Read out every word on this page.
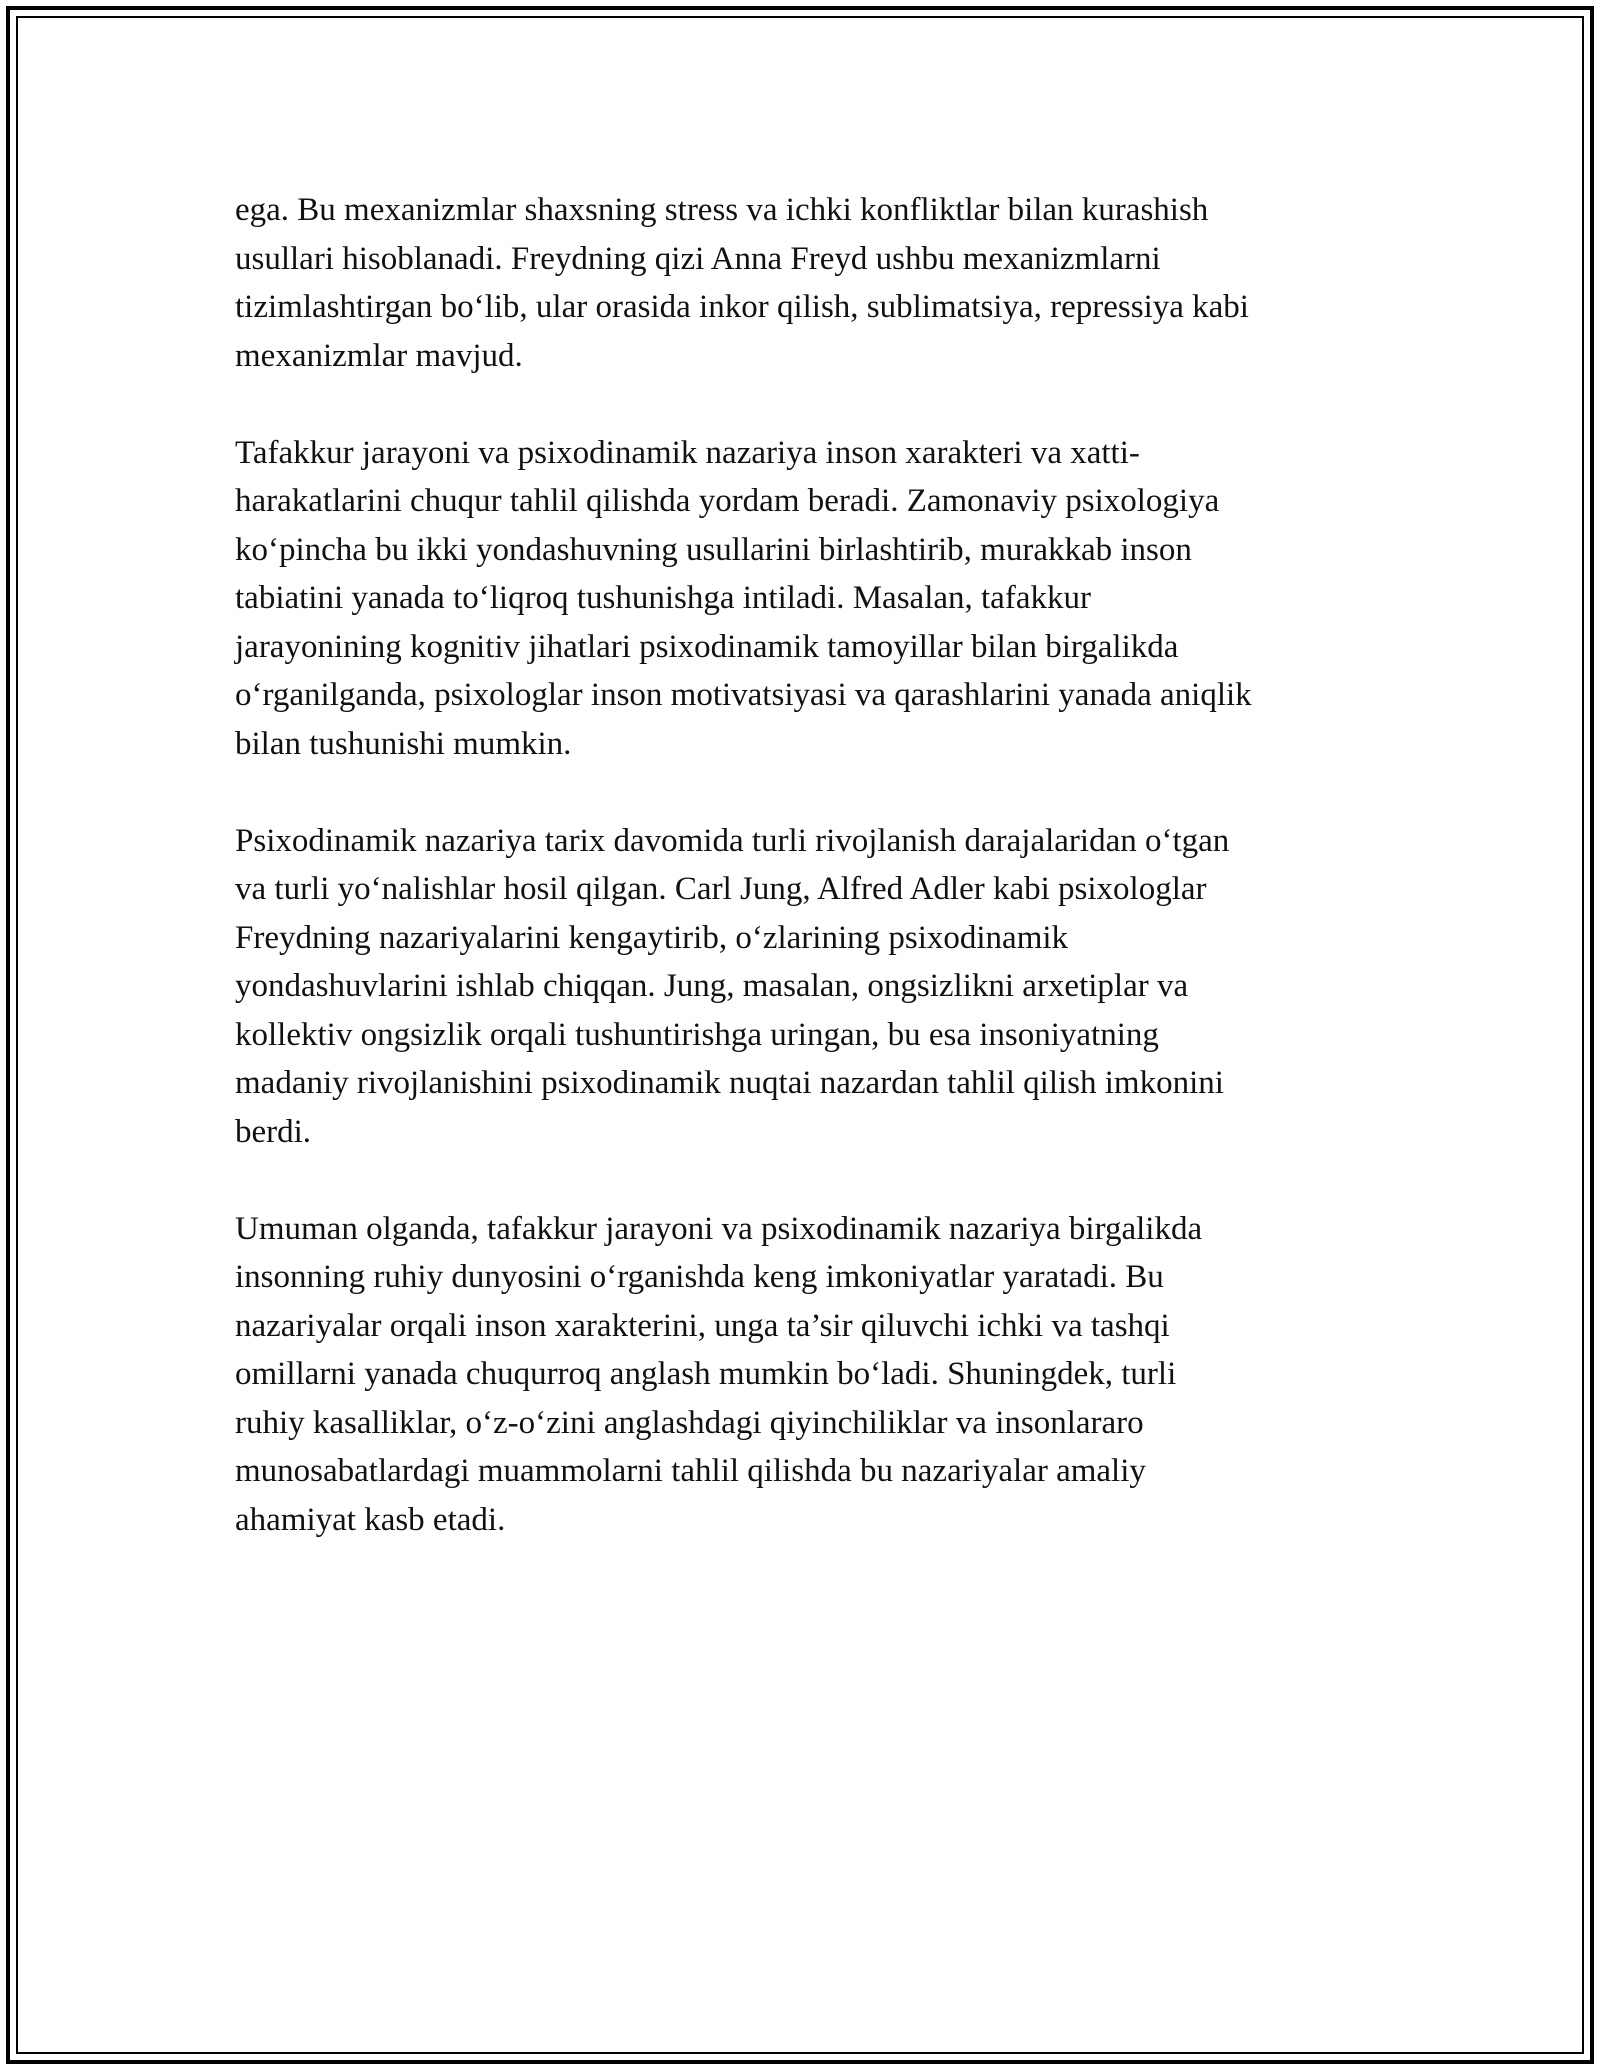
ega. Bu mexanizmlar shaxsning stress va ichki konfliktlar bilan kurashish
usullari hisoblanadi. Freydning qizi Anna Freyd ushbu mexanizmlarni
tizimlashtirgan bo‘lib, ular orasida inkor qilish, sublimatsiya, repressiya kabi
mexanizmlar mavjud.

Tafakkur jarayoni va psixodinamik nazariya inson xarakteri va xatti-
harakatlarini chuqur tahlil qilishda yordam beradi. Zamonaviy psixologiya
ko‘pincha bu ikki yondashuvning usullarini birlashtirib, murakkab inson
tabiatini yanada to‘liqroq tushunishga intiladi. Masalan, tafakkur
jarayonining kognitiv jihatlari psixodinamik tamoyillar bilan birgalikda
o‘rganilganda, psixologlar inson motivatsiyasi va qarashlarini yanada aniqlik
bilan tushunishi mumkin.

Psixodinamik nazariya tarix davomida turli rivojlanish darajalaridan o‘tgan
va turli yo‘nalishlar hosil qilgan. Carl Jung, Alfred Adler kabi psixologlar
Freydning nazariyalarini kengaytirib, o‘zlarining psixodinamik
yondashuvlarini ishlab chiqqan. Jung, masalan, ongsizlikni arxetiplar va
kollektiv ongsizlik orqali tushuntirishga uringan, bu esa insoniyatning
madaniy rivojlanishini psixodinamik nuqtai nazardan tahlil qilish imkonini
berdi.

Umuman olganda, tafakkur jarayoni va psixodinamik nazariya birgalikda
insonning ruhiy dunyosini o‘rganishda keng imkoniyatlar yaratadi. Bu
nazariyalar orqali inson xarakterini, unga ta’sir qiluvchi ichki va tashqi
omillarni yanada chuqurroq anglash mumkin bo‘ladi. Shuningdek, turli
ruhiy kasalliklar, o‘z-o‘zini anglashdagi qiyinchiliklar va insonlararo
munosabatlardagi muammolarni tahlil qilishda bu nazariyalar amaliy
ahamiyat kasb etadi.
